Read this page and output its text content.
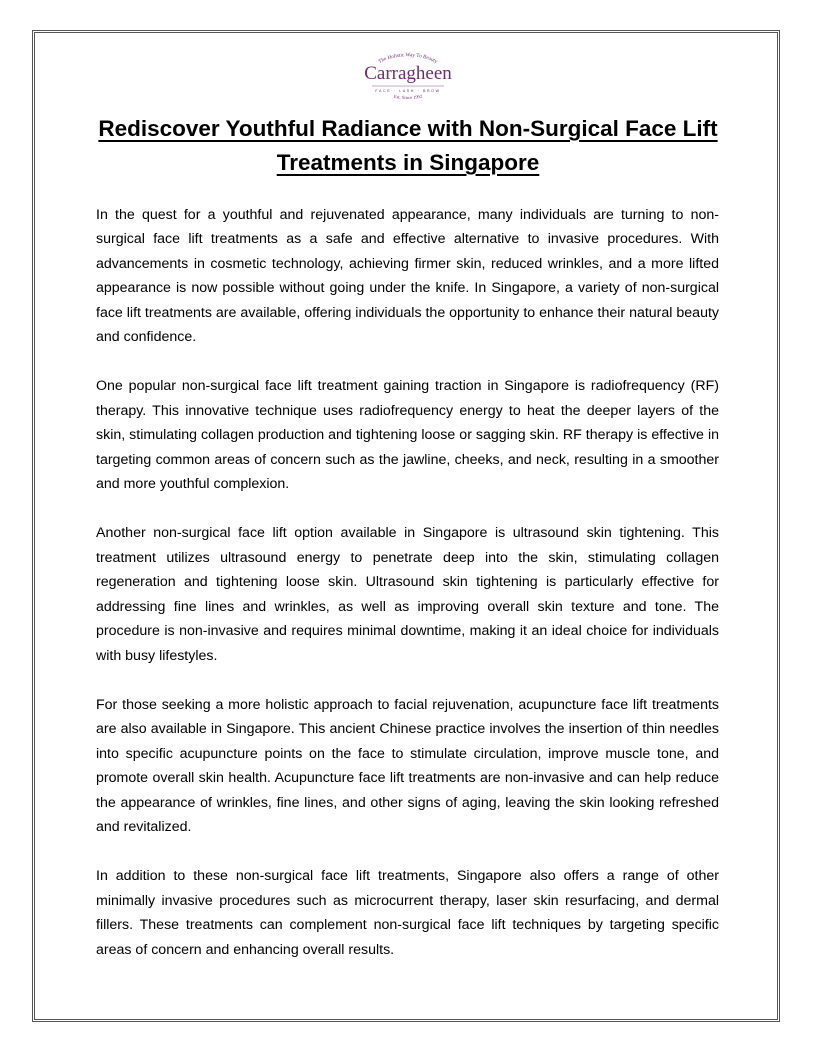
The Holistic Way To Beauty
Carragheen
FACE · LASH · BROW
Est. Since 1992
Rediscover Youthful Radiance with Non-Surgical Face Lift Treatments in Singapore

In the quest for a youthful and rejuvenated appearance, many individuals are turning to non-surgical face lift treatments as a safe and effective alternative to invasive procedures. With advancements in cosmetic technology, achieving firmer skin, reduced wrinkles, and a more lifted appearance is now possible without going under the knife. In Singapore, a variety of non-surgical face lift treatments are available, offering individuals the opportunity to enhance their natural beauty and confidence.

One popular non-surgical face lift treatment gaining traction in Singapore is radiofrequency (RF) therapy. This innovative technique uses radiofrequency energy to heat the deeper layers of the skin, stimulating collagen production and tightening loose or sagging skin. RF therapy is effective in targeting common areas of concern such as the jawline, cheeks, and neck, resulting in a smoother and more youthful complexion.

Another non-surgical face lift option available in Singapore is ultrasound skin tightening. This treatment utilizes ultrasound energy to penetrate deep into the skin, stimulating collagen regeneration and tightening loose skin. Ultrasound skin tightening is particularly effective for addressing fine lines and wrinkles, as well as improving overall skin texture and tone. The procedure is non-invasive and requires minimal downtime, making it an ideal choice for individuals with busy lifestyles.

For those seeking a more holistic approach to facial rejuvenation, acupuncture face lift treatments are also available in Singapore. This ancient Chinese practice involves the insertion of thin needles into specific acupuncture points on the face to stimulate circulation, improve muscle tone, and promote overall skin health. Acupuncture face lift treatments are non-invasive and can help reduce the appearance of wrinkles, fine lines, and other signs of aging, leaving the skin looking refreshed and revitalized.

In addition to these non-surgical face lift treatments, Singapore also offers a range of other minimally invasive procedures such as microcurrent therapy, laser skin resurfacing, and dermal fillers. These treatments can complement non-surgical face lift techniques by targeting specific areas of concern and enhancing overall results.
